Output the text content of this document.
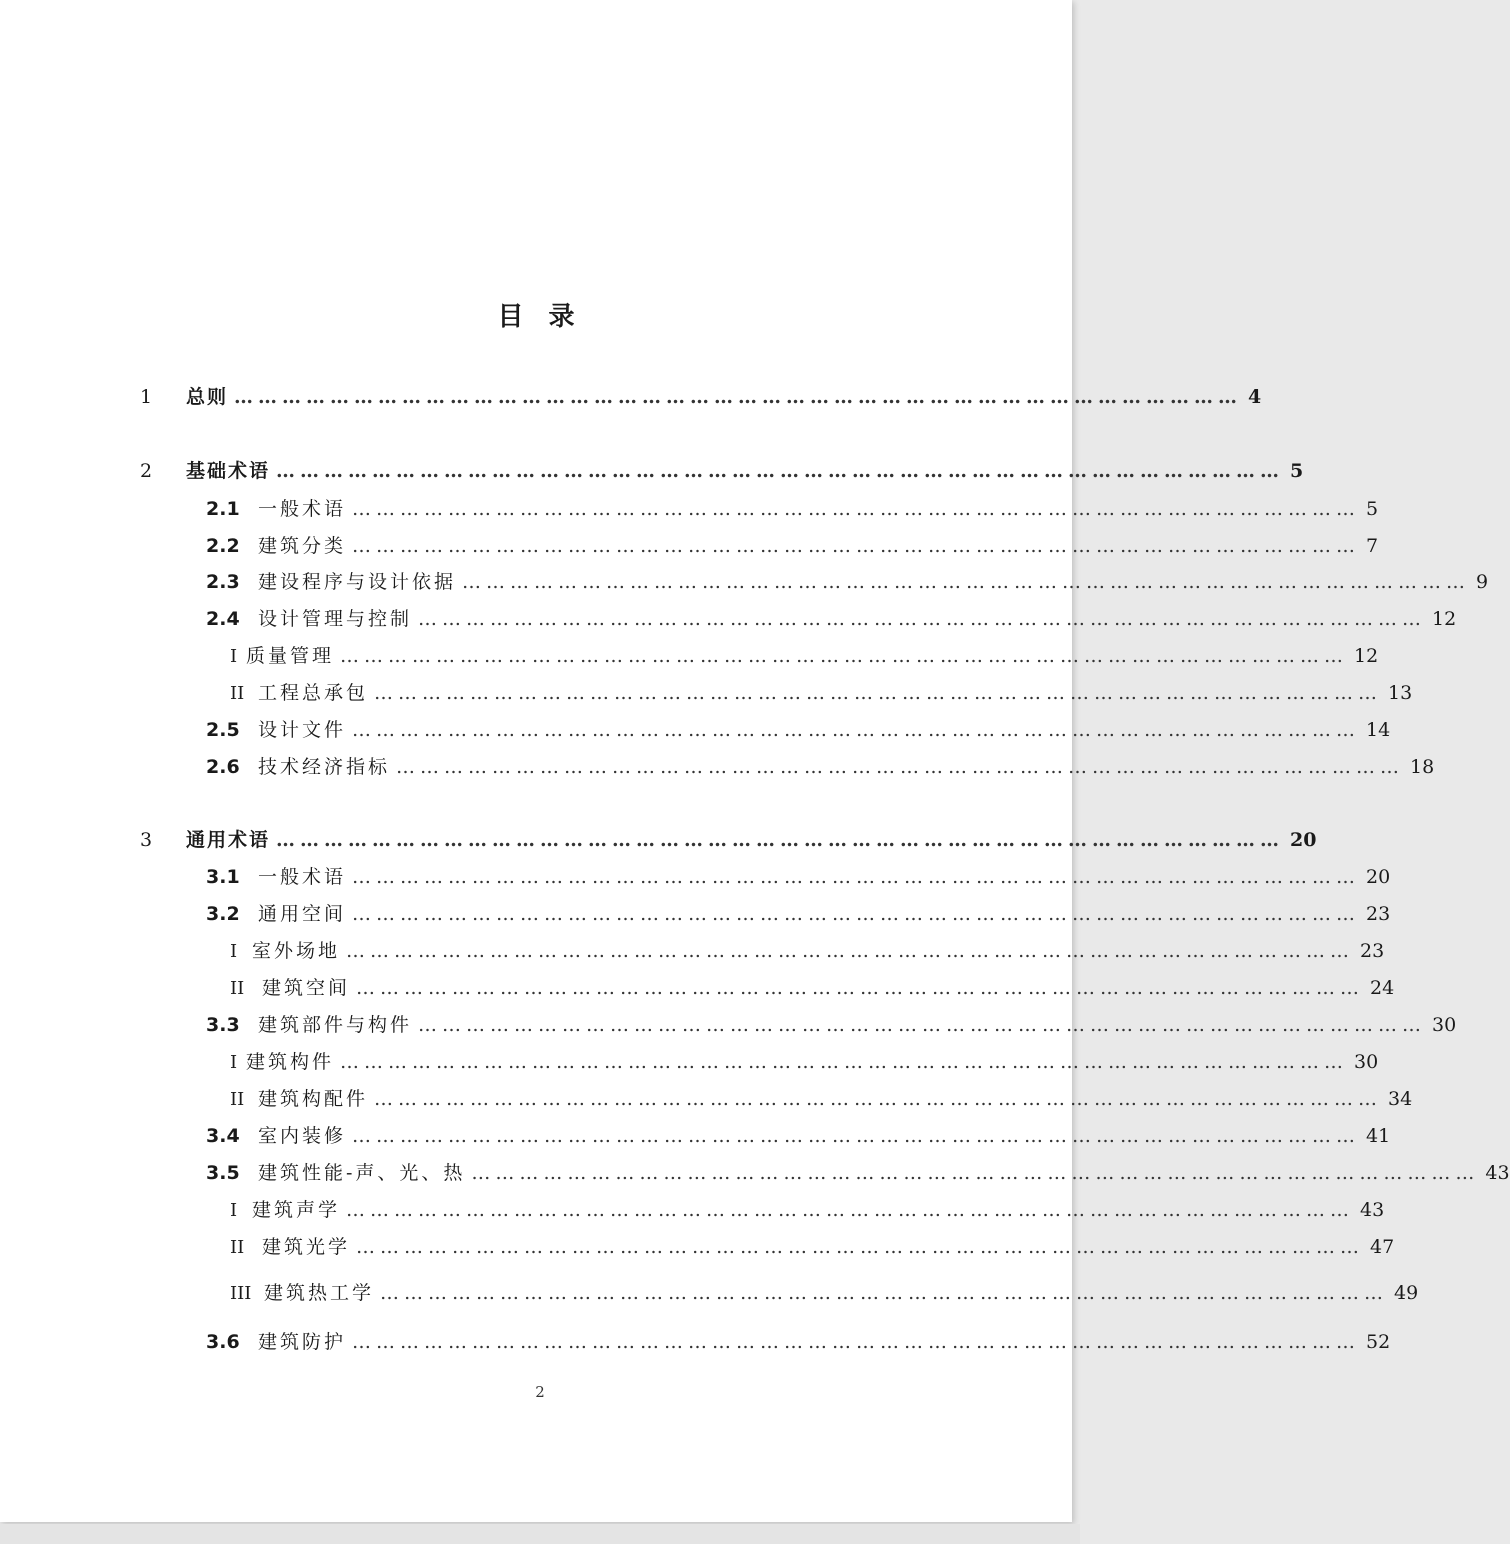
目 录
1	总则 ……………………………………………………………………………………………………………… 4
2	基础术语 ……………………………………………………………………………………………………………… 5
2.1 一般术语 ……………………………………………………………………………………………………………… 5
2.2 建筑分类 ……………………………………………………………………………………………………………… 7
2.3 建设程序与设计依据 ……………………………………………………………………………………………………………… 9
2.4 设计管理与控制 ……………………………………………………………………………………………………………… 12
I 质量管理 ……………………………………………………………………………………………………………… 12
II 工程总承包 ……………………………………………………………………………………………………………… 13
2.5 设计文件 ……………………………………………………………………………………………………………… 14
2.6 技术经济指标 ……………………………………………………………………………………………………………… 18
3	通用术语 ……………………………………………………………………………………………………………… 20
3.1 一般术语 ……………………………………………………………………………………………………………… 20
3.2 通用空间 ……………………………………………………………………………………………………………… 23
I 室外场地 ……………………………………………………………………………………………………………… 23
II 建筑空间 ……………………………………………………………………………………………………………… 24
3.3 建筑部件与构件 ……………………………………………………………………………………………………………… 30
I 建筑构件 ……………………………………………………………………………………………………………… 30
II 建筑构配件 ……………………………………………………………………………………………………………… 34
3.4 室内装修 ……………………………………………………………………………………………………………… 41
3.5 建筑性能-声、光、热 ……………………………………………………………………………………………………………… 43
I 建筑声学 ……………………………………………………………………………………………………………… 43
II 建筑光学 ……………………………………………………………………………………………………………… 47
III 建筑热工学 ……………………………………………………………………………………………………………… 49
3.6 建筑防护 ……………………………………………………………………………………………………………… 52
2
